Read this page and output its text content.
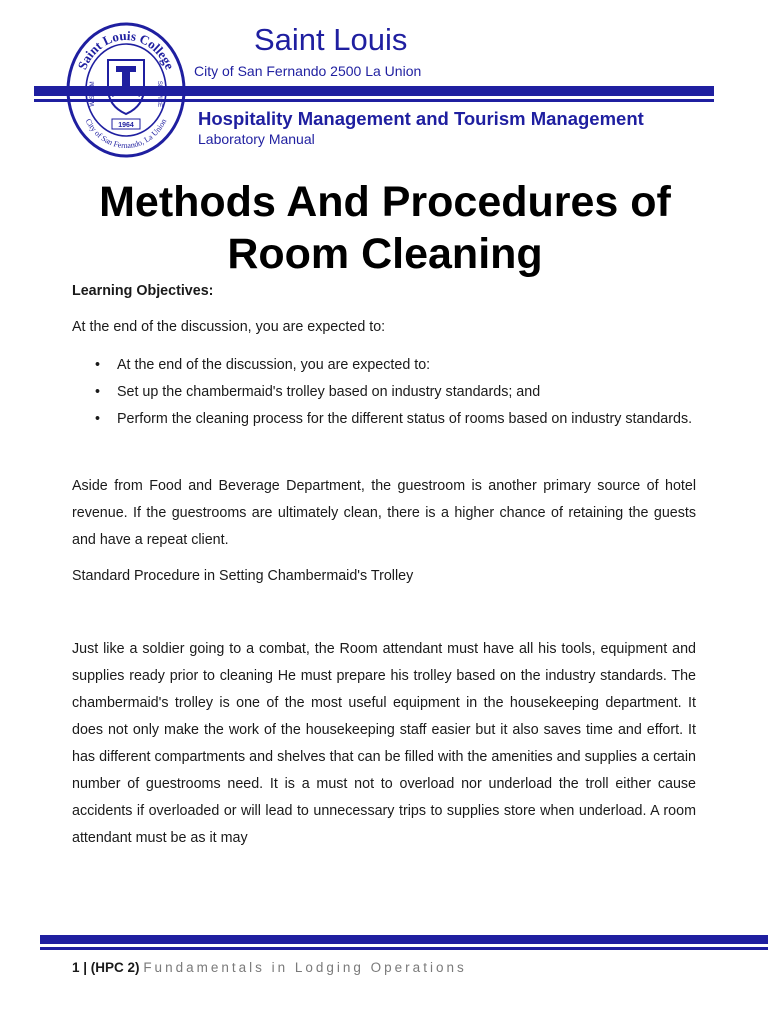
Saint Louis College
City of San Fernando, La Union
1964
Saint Louis
City of San Fernando 2500 La Union
Hospitality Management and Tourism Management
Laboratory Manual
Methods And Procedures of
Room Cleaning
Learning Objectives:
At the end of the discussion, you are expected to:
• At the end of the discussion, you are expected to:
• Set up the chambermaid's trolley based on industry standards; and
• Perform the cleaning process for the different status of rooms based on industry standards.
Aside from Food and Beverage Department, the guestroom is another primary source of hotel revenue. If the guestrooms are ultimately clean, there is a higher chance of retaining the guests and have a repeat client.
Standard Procedure in Setting Chambermaid's Trolley
Just like a soldier going to a combat, the Room attendant must have all his tools, equipment and supplies ready prior to cleaning He must prepare his trolley based on the industry standards. The chambermaid's trolley is one of the most useful equipment in the housekeeping department. It does not only make the work of the housekeeping staff easier but it also saves time and effort. It has different compartments and shelves that can be filled with the amenities and supplies a certain number of guestrooms need. It is a must not to overload nor underload the troll either cause accidents if overloaded or will lead to unnecessary trips to supplies store when underload. A room attendant must be as it may
1 | (HPC 2) Fundamentals in Lodging Operations
